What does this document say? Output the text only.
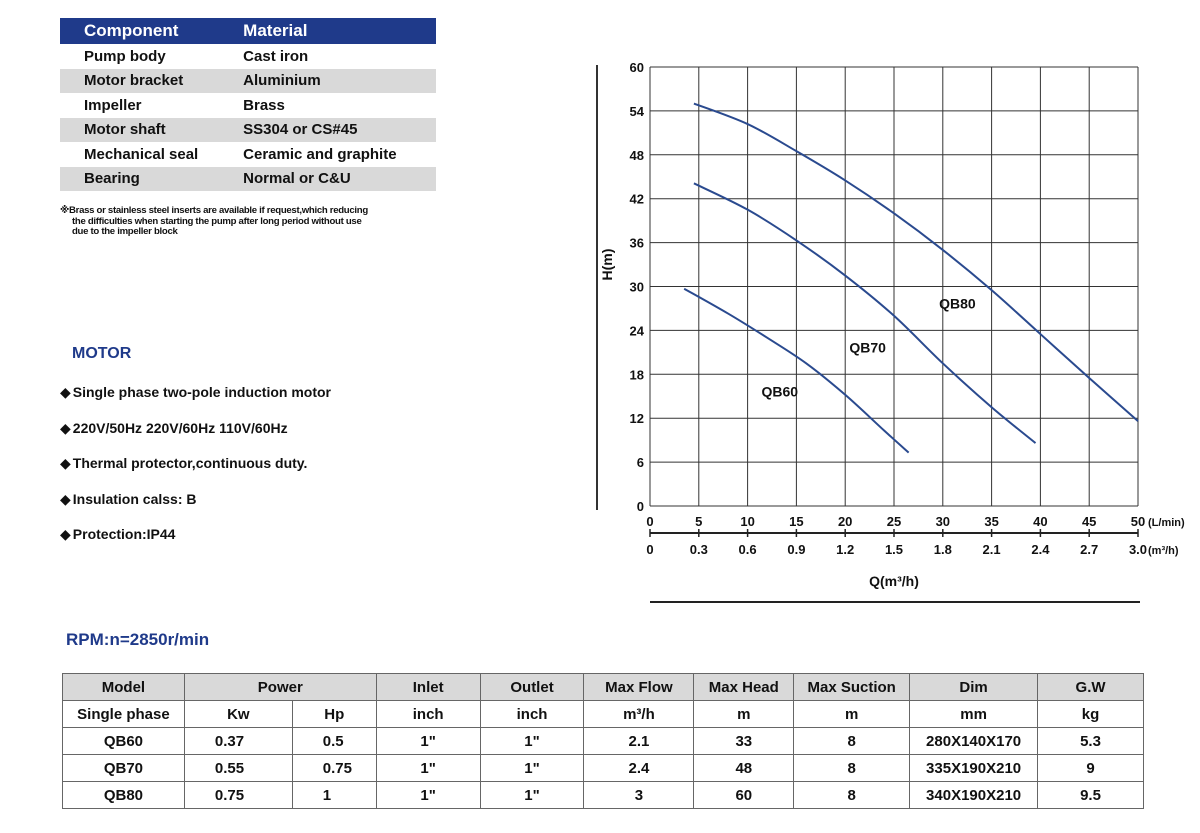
Component	Material
Pump body	Cast iron
Motor bracket	Aluminium
Impeller	Brass
Motor shaft	SS304 or CS#45
Mechanical seal	Ceramic and graphite
Bearing	Normal or C&U
※Brass or stainless steel inserts are available if request,which reducing
the difficulties when starting the pump after long period without use
due to the impeller block
MOTOR
◆ Single phase two-pole induction motor
◆ 220V/50Hz 220V/60Hz 110V/60Hz
◆ Thermal protector,continuous duty.
◆ Insulation calss: B
◆ Protection:IP44
RPM:n=2850r/min
0
6
12
18
24
30
36
42
48
54
60
H(m)
0	5	10	15	20	25	30	35	40	45	50 (L/min)
0	0.3 0.6 0.9 1.2 1.5 1.8 2.1 2.4 2.7 3.0 (m³/h)
Q(m³/h)
QB60
QB70
QB80
Model	Power		Inlet	Outlet	Max Flow	Max Head	Max Suction	Dim	G.W
Single phase	Kw	Hp	inch	inch	m³/h	m	m	mm	kg
QB60	0.37	0.5	1"	1"	2.1	33	8	280X140X170	5.3
QB70	0.55	0.75	1"	1"	2.4	48	8	335X190X210	9
QB80	0.75	1	1"	1"	3	60	8	340X190X210	9.5
